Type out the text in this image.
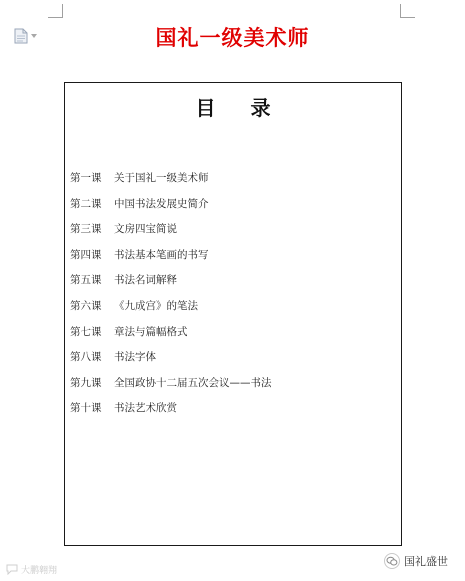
国礼一级美术师
目 录
第一课	关于国礼一级美术师
第二课	中国书法发展史简介
第三课	文房四宝简说
第四课	书法基本笔画的书写
第五课	书法名词解释
第六课	《九成宫》的笔法
第七课	章法与篇幅格式
第八课	书法字体
第九课	全国政协十二届五次会议——书法
第十课	书法艺术欣赏
大鹏翱翔
国礼盛世
